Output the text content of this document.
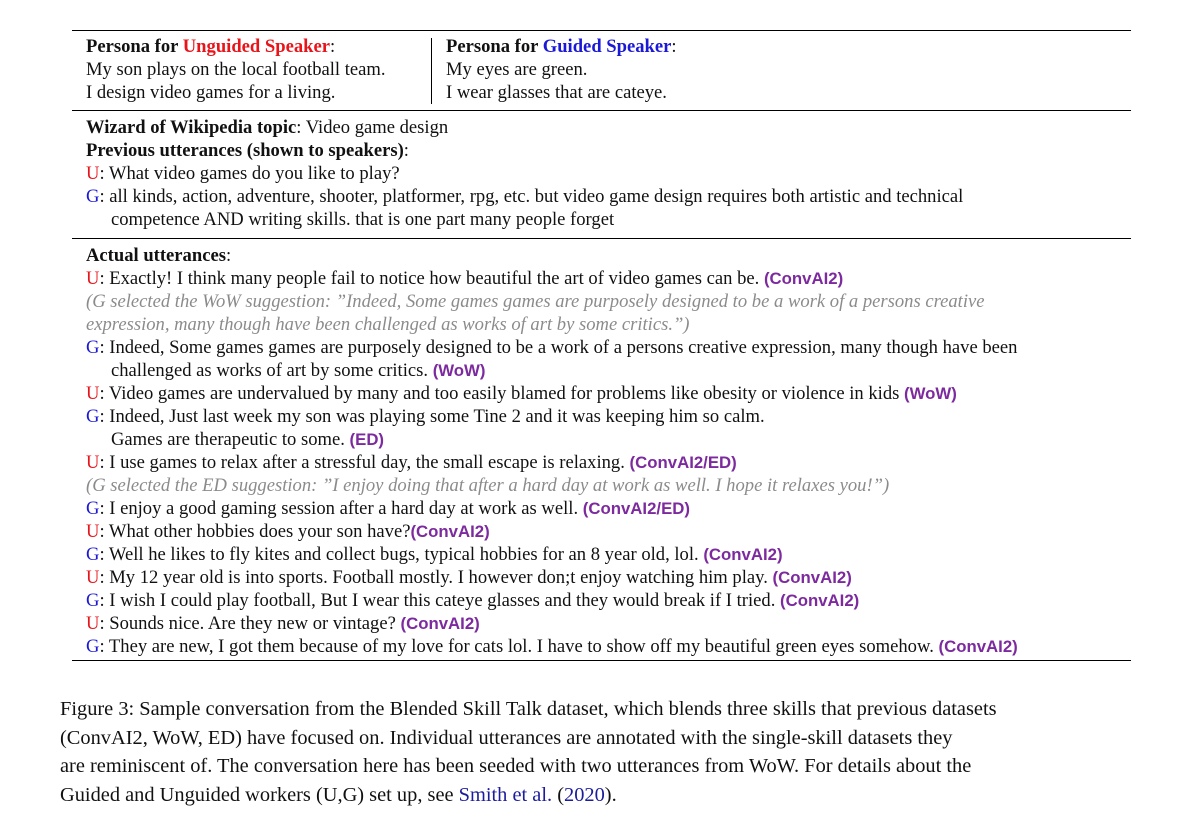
Persona for Unguided Speaker:
My son plays on the local football team.
I design video games for a living.
Persona for Guided Speaker:
My eyes are green.
I wear glasses that are cateye.
Wizard of Wikipedia topic: Video game design
Previous utterances (shown to speakers):
U: What video games do you like to play?
G: all kinds, action, adventure, shooter, platformer, rpg, etc. but video game design requires both artistic and technical
competence AND writing skills. that is one part many people forget
Actual utterances:
U: Exactly! I think many people fail to notice how beautiful the art of video games can be. (ConvAI2)
(G selected the WoW suggestion: ”Indeed, Some games games are purposely designed to be a work of a persons creative
expression, many though have been challenged as works of art by some critics.”)
G: Indeed, Some games games are purposely designed to be a work of a persons creative expression, many though have been
challenged as works of art by some critics. (WoW)
U: Video games are undervalued by many and too easily blamed for problems like obesity or violence in kids (WoW)
G: Indeed, Just last week my son was playing some Tine 2 and it was keeping him so calm.
Games are therapeutic to some. (ED)
U: I use games to relax after a stressful day, the small escape is relaxing. (ConvAI2/ED)
(G selected the ED suggestion: ”I enjoy doing that after a hard day at work as well. I hope it relaxes you!”)
G: I enjoy a good gaming session after a hard day at work as well. (ConvAI2/ED)
U: What other hobbies does your son have?(ConvAI2)
G: Well he likes to fly kites and collect bugs, typical hobbies for an 8 year old, lol. (ConvAI2)
U: My 12 year old is into sports. Football mostly. I however don;t enjoy watching him play. (ConvAI2)
G: I wish I could play football, But I wear this cateye glasses and they would break if I tried. (ConvAI2)
U: Sounds nice. Are they new or vintage? (ConvAI2)
G: They are new, I got them because of my love for cats lol. I have to show off my beautiful green eyes somehow. (ConvAI2)
Figure 3: Sample conversation from the Blended Skill Talk dataset, which blends three skills that previous datasets
(ConvAI2, WoW, ED) have focused on. Individual utterances are annotated with the single-skill datasets they
are reminiscent of. The conversation here has been seeded with two utterances from WoW. For details about the
Guided and Unguided workers (U,G) set up, see Smith et al. (2020).
